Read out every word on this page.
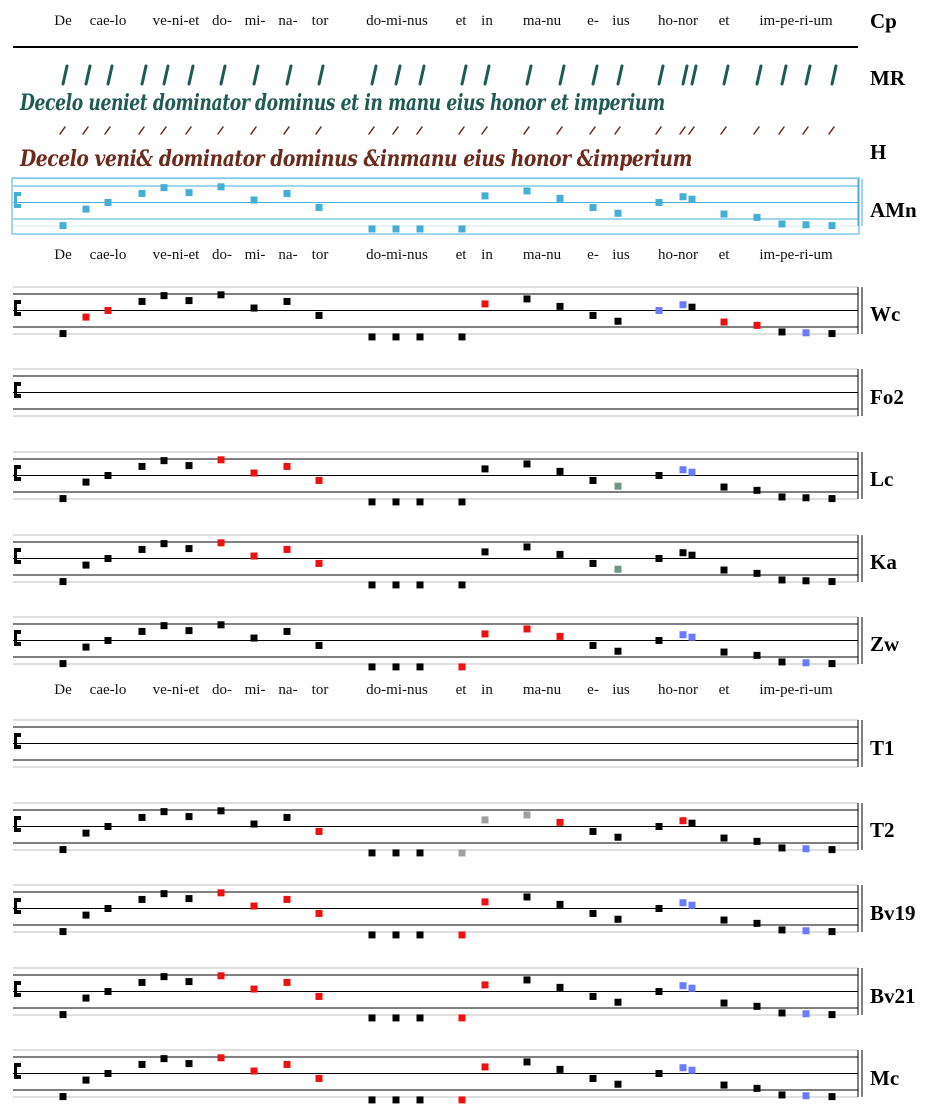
De cae-lo ve-ni-et do- mi- na- tor	do-mi-nus et in ma-nu e- ius ho-nor et im-pe-ri-um Cp
Decelo ueniet dominator dominus et in manu eius honor et imperium
MR
Decelo veni& dominator dominus &inmanu eius honor &imperium	H
AMn
De cae-lo ve-ni-et do- mi- na- tor	do-mi-nus et in ma-nu e- ius ho-nor et im-pe-ri-um
De cae-lo ve-ni-et do- mi- na- tor	do-mi-nus et in ma-nu e- ius ho-nor et im-pe-ri-um
Wc
Fo2
Lc
Ka
Zw
T1
T2
Bv19
Bv21
Mc
